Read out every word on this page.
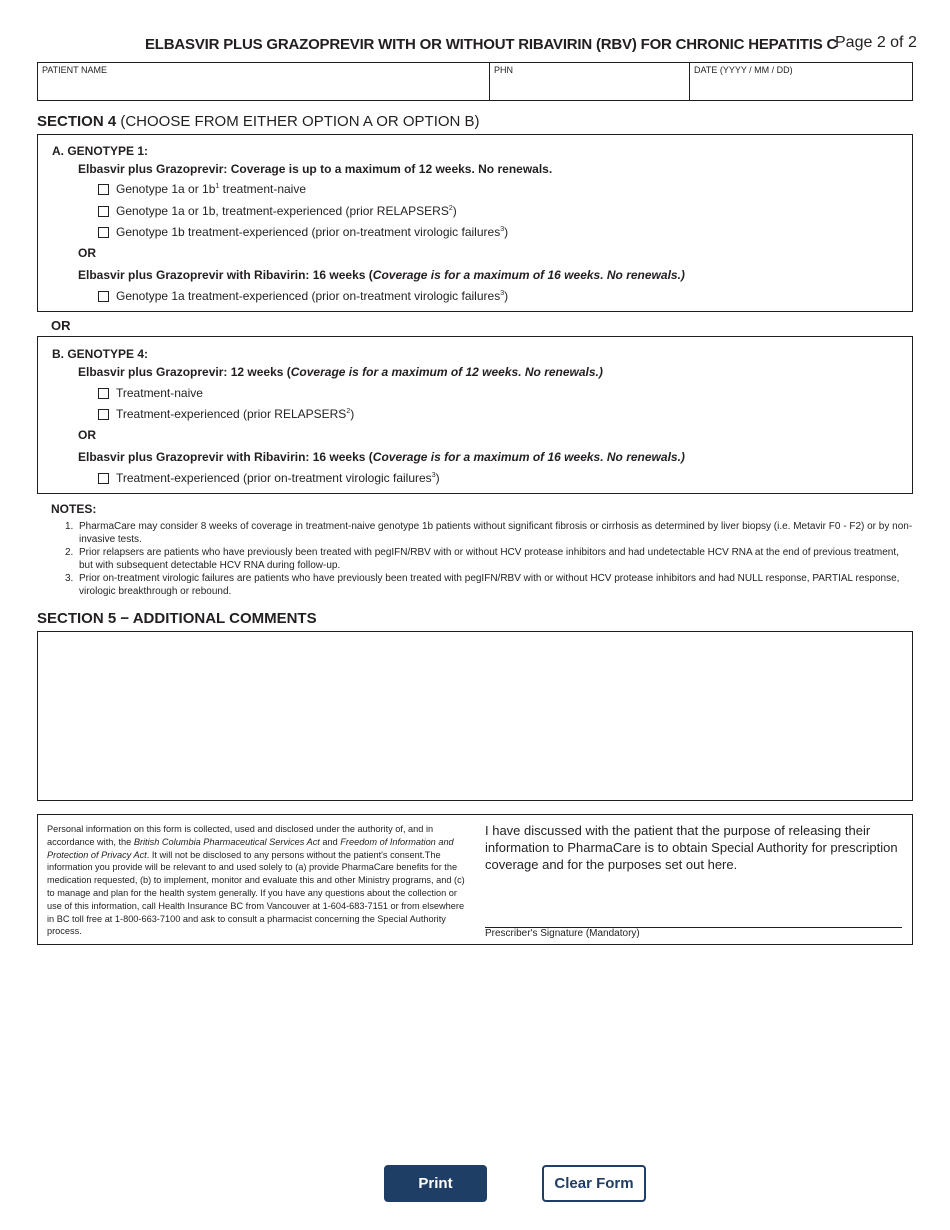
ELBASVIR PLUS GRAZOPREVIR WITH OR WITHOUT RIBAVIRIN (RBV) FOR CHRONIC HEPATITIS C
Page 2 of 2
PATIENT NAME	PHN	DATE (YYYY / MM / DD)
SECTION 4 (CHOOSE FROM EITHER OPTION A OR OPTION B)
A. GENOTYPE 1:
Elbasvir plus Grazoprevir: Coverage is up to a maximum of 12 weeks. No renewals.
Genotype 1a or $1b^1$ treatment-naive
Genotype 1a or 1b, treatment-experienced (prior RELAPSERS$^2$)
Genotype 1b treatment-experienced (prior on-treatment virologic failures$^3$)
OR
Elbasvir plus Grazoprevir with Ribavirin: 16 weeks (Coverage is for a maximum of 16 weeks. No renewals.)
Genotype 1a treatment-experienced (prior on-treatment virologic failures$^3$)
OR
B. GENOTYPE 4:
Elbasvir plus Grazoprevir: 12 weeks (Coverage is for a maximum of 12 weeks. No renewals.)
Treatment-naive
Treatment-experienced (prior RELAPSERS$^2$)
OR
Elbasvir plus Grazoprevir with Ribavirin: 16 weeks (Coverage is for a maximum of 16 weeks. No renewals.)
Treatment-experienced (prior on-treatment virologic failures$^3$)
NOTES:
1. PharmaCare may consider 8 weeks of coverage in treatment-naive genotype 1b patients without significant fibrosis or cirrhosis as determined by liver biopsy (i.e. Metavir F0 - F2) or by non-invasive tests.
2. Prior relapsers are patients who have previously been treated with pegIFN/RBV with or without HCV protease inhibitors and had undetectable HCV RNA at the end of previous treatment, but with subsequent detectable HCV RNA during follow-up.
3. Prior on-treatment virologic failures are patients who have previously been treated with pegIFN/RBV with or without HCV protease inhibitors and had NULL response, PARTIAL response, virologic breakthrough or rebound.
SECTION 5 − ADDITIONAL COMMENTS
Personal information on this form is collected, used and disclosed under the authority of, and in accordance with, the British Columbia Pharmaceutical Services Act and Freedom of Information and Protection of Privacy Act. It will not be disclosed to any persons without the patient's consent.The information you provide will be relevant to and used solely to (a) provide PharmaCare benefits for the medication requested, (b) to implement, monitor and evaluate this and other Ministry programs, and (c) to manage and plan for the health system generally. If you have any questions about the collection or use of this information, call Health Insurance BC from Vancouver at 1-604-683-7151 or from elsewhere in BC toll free at 1-800-663-7100 and ask to consult a pharmacist concerning the Special Authority process.
I have discussed with the patient that the purpose of releasing their information to PharmaCare is to obtain Special Authority for prescription coverage and for the purposes set out here.
Prescriber's Signature (Mandatory)
Print	Clear Form
